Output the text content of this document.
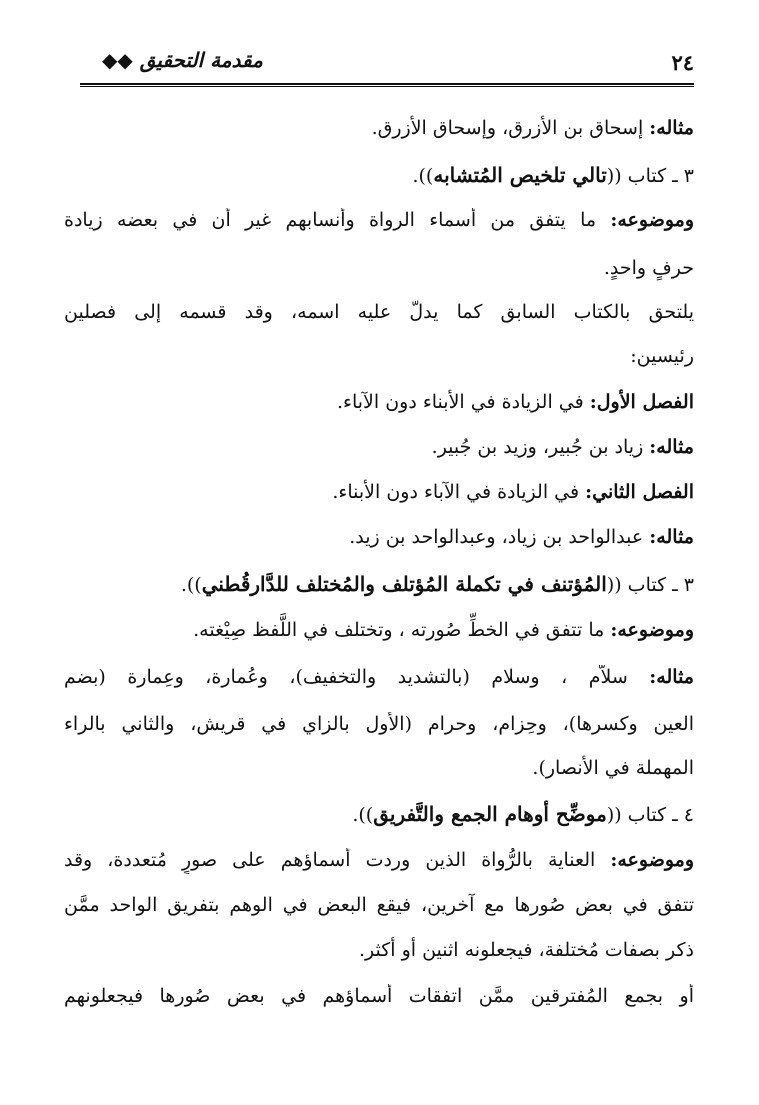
٢٤
مقدمة التحقيق ◆◆
مثاله: إسحاق بن الأزرق، وإسحاق الأزرق.
٣ ـ كتاب ((تالي تلخيص المُتشابه)).
وموضوعه: ما يتفق من أسماء الرواة وأنسابهم غير أن في بعضه زيادة
حرفٍ واحدٍ.
يلتحق بالكتاب السابق كما يدلُّ عليه اسمه، وقد قسمه إلى فصلين
رئيسين:
الفصل الأول: في الزيادة في الأبناء دون الآباء.
مثاله: زياد بن جُبير، وزيد بن جُبير.
الفصل الثاني: في الزيادة في الآباء دون الأبناء.
مثاله: عبدالواحد بن زياد، وعبدالواحد بن زيد.
٣ ـ كتاب ((المُؤتنف في تكملة المُؤتلف والمُختلف للدَّارقُطني)).
وموضوعه: ما تتفق في الخطِّ صُورته ، وتختلف في اللَّفظ صِيْغته.
مثاله: سلاَّم ، وسلام (بالتشديد والتخفيف)، وعُمارة، وعِمارة (بضم
العين وكسرها)، وحِزام، وحرام (الأول بالزاي في قريش، والثاني بالراء
المهملة في الأنصار).
٤ ـ كتاب ((موضِّح أوهام الجمع والتَّفريق)).
وموضوعه: العناية بالرُّواة الذين وردت أسماؤهم على صورٍ مُتعددة، وقد
تتفق في بعض صُورها مع آخرين، فيقع البعض في الوهم بتفريق الواحد ممَّن
ذكر بصفات مُختلفة، فيجعلونه اثنين أو أكثر.
أو بجمع المُفترقين ممَّن اتفقات أسماؤهم في بعض صُورها فيجعلونهم
